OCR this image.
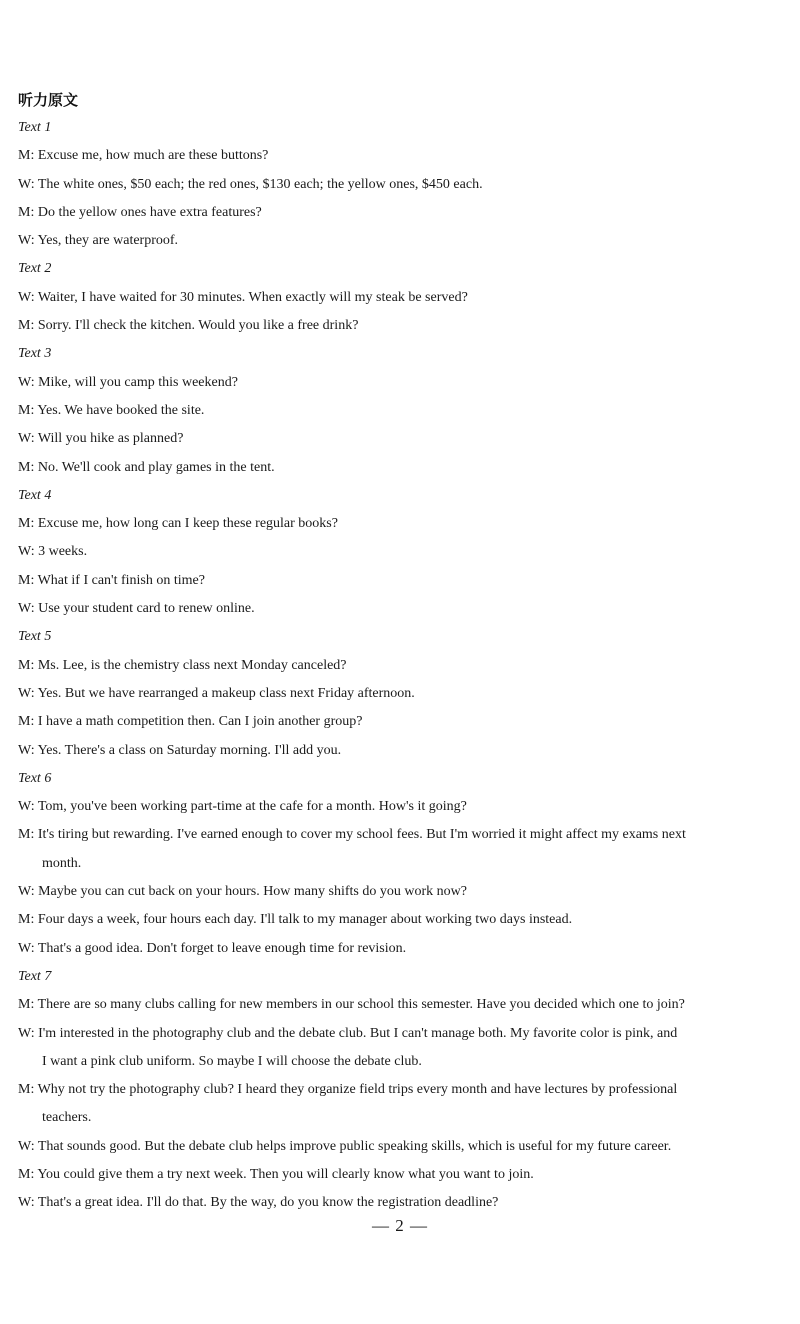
听力原文
Text 1
M: Excuse me, how much are these buttons?
W: The white ones, $50 each; the red ones, $130 each; the yellow ones, $450 each.
M: Do the yellow ones have extra features?
W: Yes, they are waterproof.
Text 2
W: Waiter, I have waited for 30 minutes. When exactly will my steak be served?
M: Sorry. I'll check the kitchen. Would you like a free drink?
Text 3
W: Mike, will you camp this weekend?
M: Yes. We have booked the site.
W: Will you hike as planned?
M: No. We'll cook and play games in the tent.
Text 4
M: Excuse me, how long can I keep these regular books?
W: 3 weeks.
M: What if I can't finish on time?
W: Use your student card to renew online.
Text 5
M: Ms. Lee, is the chemistry class next Monday canceled?
W: Yes. But we have rearranged a makeup class next Friday afternoon.
M: I have a math competition then. Can I join another group?
W: Yes. There's a class on Saturday morning. I'll add you.
Text 6
W: Tom, you've been working part-time at the cafe for a month. How's it going?
M: It's tiring but rewarding. I've earned enough to cover my school fees. But I'm worried it might affect my exams next
month.
W: Maybe you can cut back on your hours. How many shifts do you work now?
M: Four days a week, four hours each day. I'll talk to my manager about working two days instead.
W: That's a good idea. Don't forget to leave enough time for revision.
Text 7
M: There are so many clubs calling for new members in our school this semester. Have you decided which one to join?
W: I'm interested in the photography club and the debate club. But I can't manage both. My favorite color is pink, and
I want a pink club uniform. So maybe I will choose the debate club.
M: Why not try the photography club? I heard they organize field trips every month and have lectures by professional
teachers.
W: That sounds good. But the debate club helps improve public speaking skills, which is useful for my future career.
M: You could give them a try next week. Then you will clearly know what you want to join.
W: That's a great idea. I'll do that. By the way, do you know the registration deadline?
— 2 —
